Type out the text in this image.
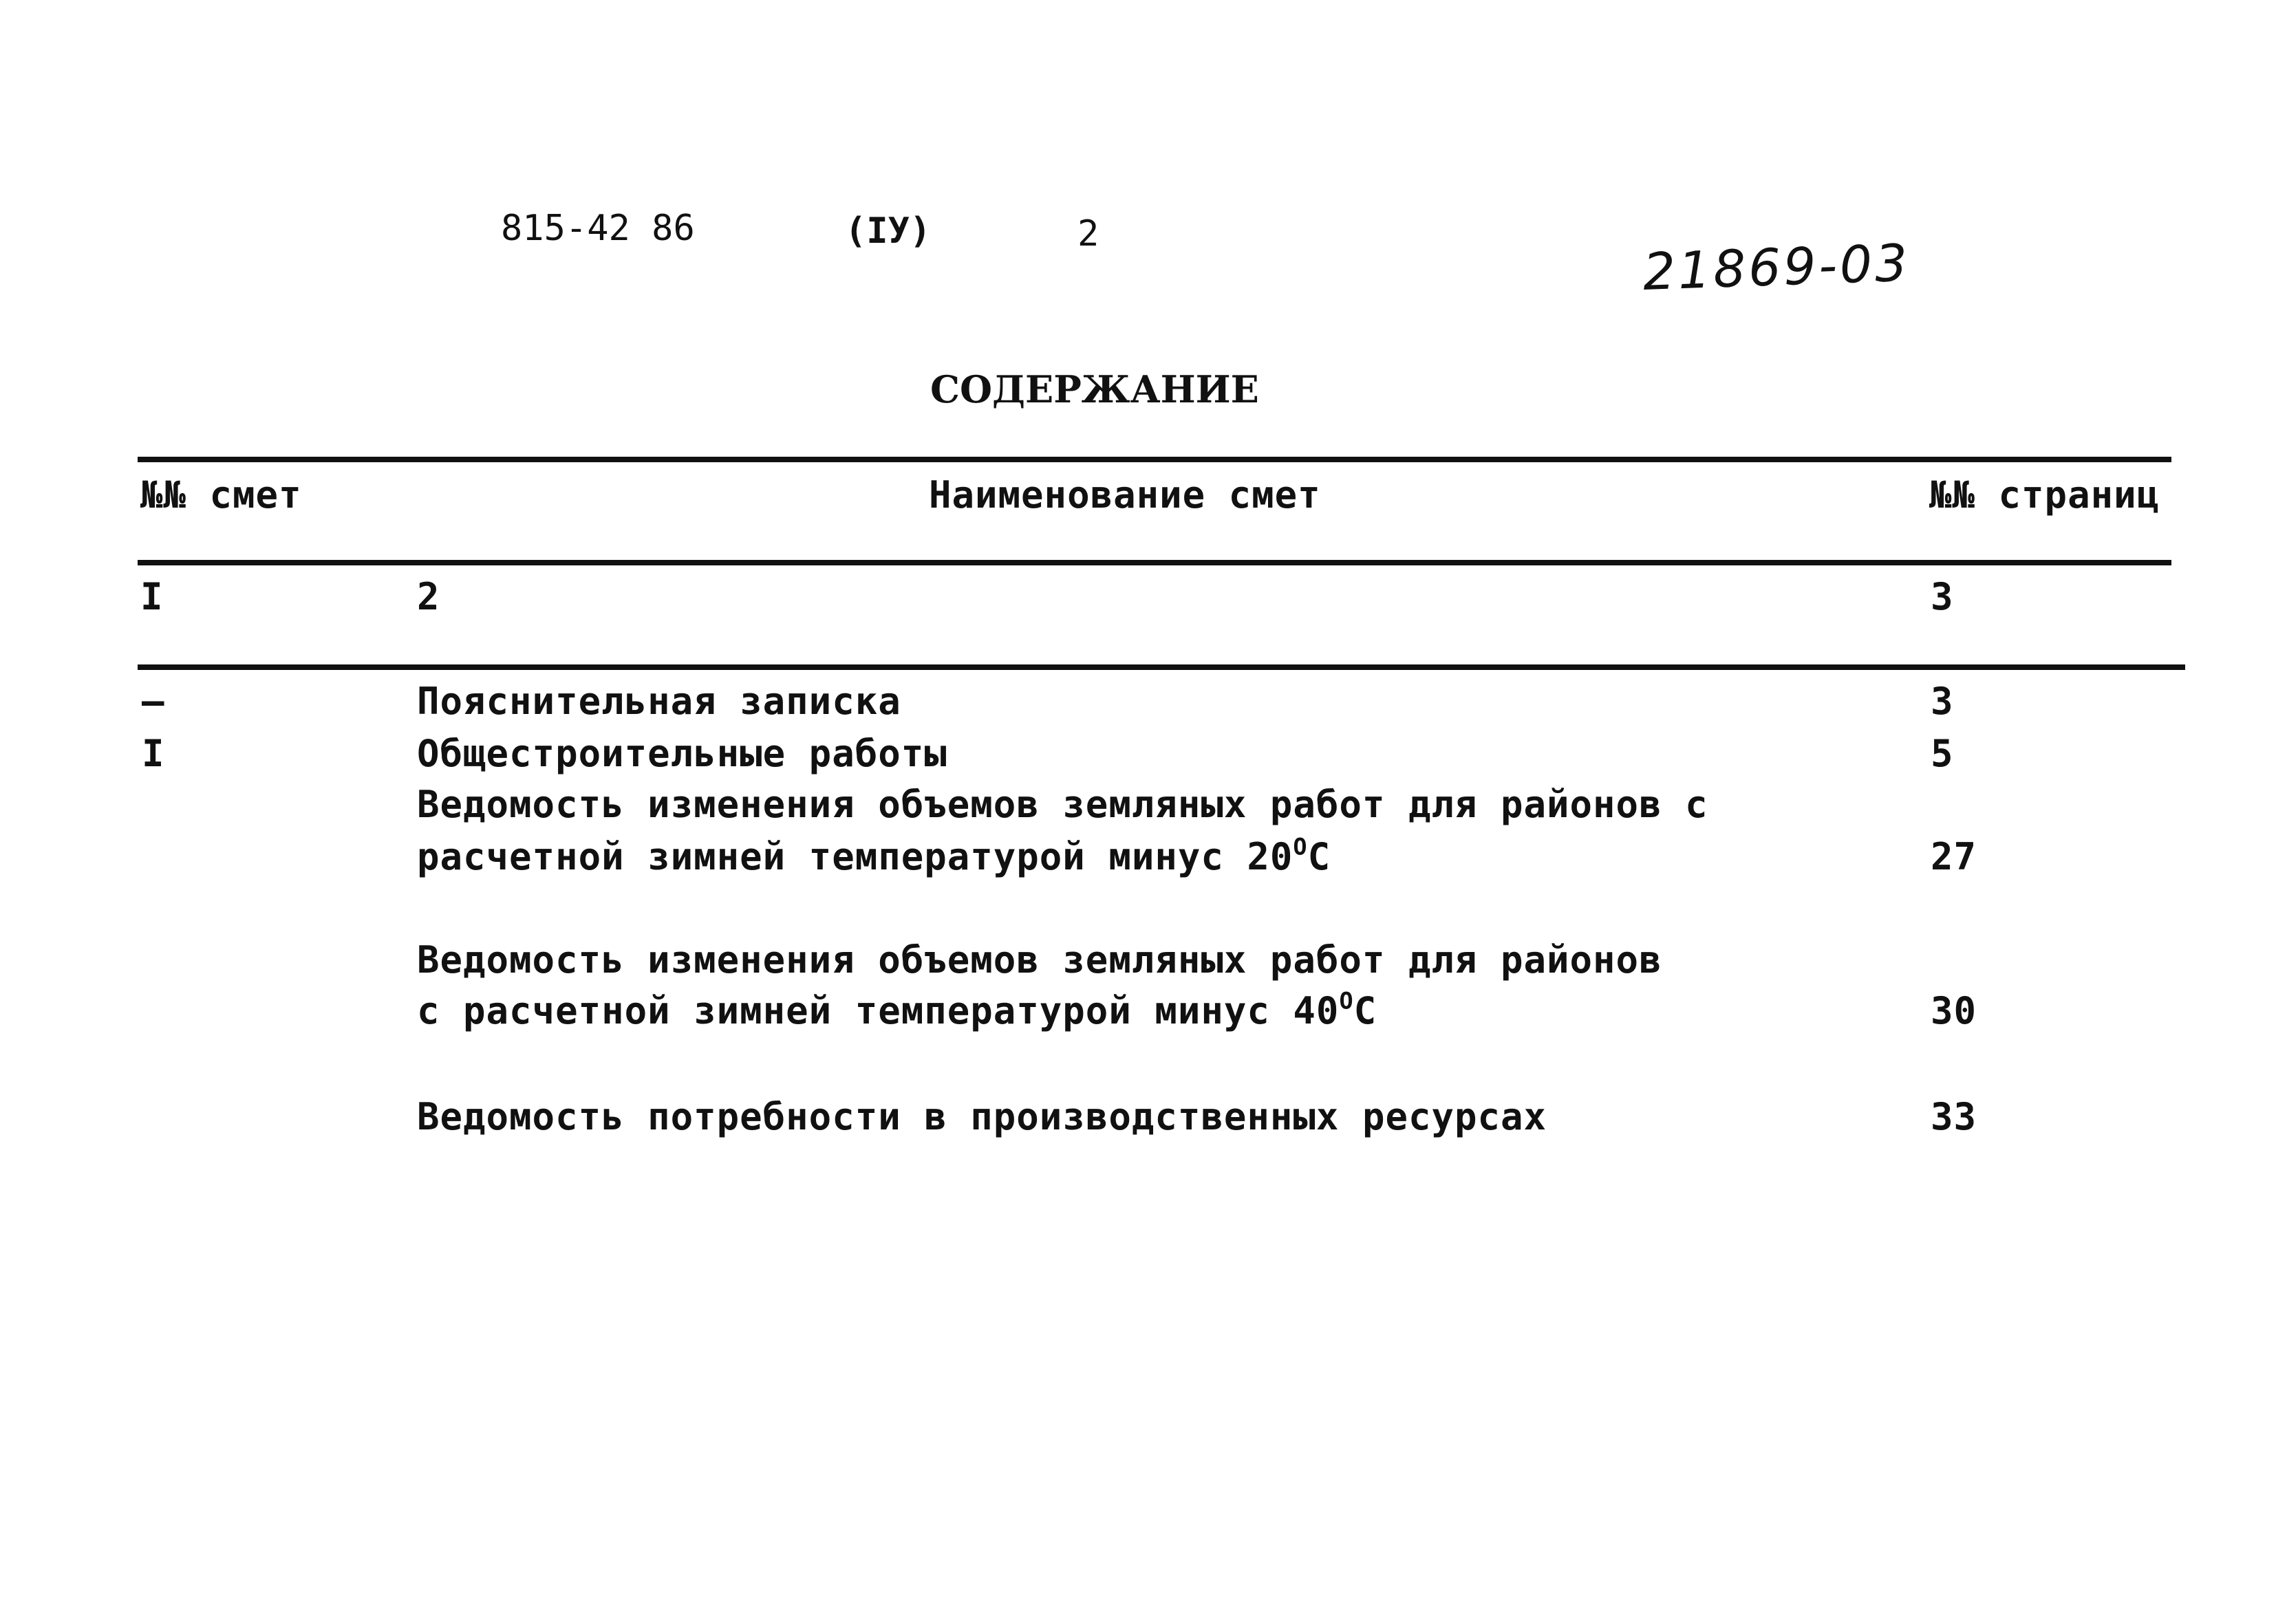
815-42 86	(IУ)	2	21869-03
СОДЕРЖАНИЕ
№№ смет	Наименование смет	№№ страниц
I	2	3
–	Пояснительная записка	3
I	Общестроительные работы	5
Ведомость изменения объемов земляных работ для районов с
расчетной зимней температурой минус $20^OC$	27
Ведомость изменения объемов земляных работ для районов
с расчетной зимней температурой минус $40^OC$	30
Ведомость потребности в производственных ресурсах	33
